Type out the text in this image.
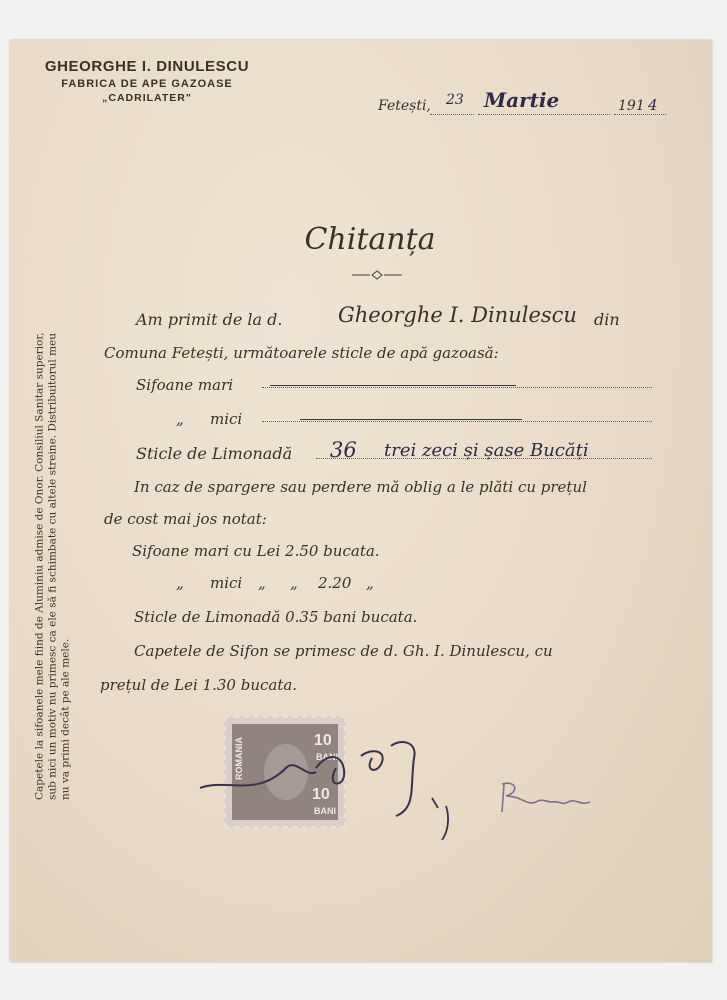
GHEORGHE I. DINULESCU
FABRICA DE APE GAZOASE
„CADRILATER"	Fetești, 23 Martie	191 4
Chitanța
Am primit de la d.	Gheorghe I. Dinulescu din
Comuna Fetești, următoarele sticle de apă gazoasă:
Sifoane mari
„ mici
Sticle de Limonadă 36 trei zeci și șase Bucăți
In caz de spargere sau perdere mă oblig a le plăti cu prețul
de cost mai jos notat:
Sifoane mari cu Lei 2.50 bucata.
„ mici „ „ 2.20 „
Sticle de Limonadă 0.35 bani bucata.
Capetele de Sifon se primesc de d. Gh. I. Dinulescu, cu
prețul de Lei 1.30 bucata.
Capetele la sifoanele mele fiind de Aluminiu admise de Onor. Consiliul Sanitar superior, sub nici un motiv nu primesc ca ele să fi schimbate cu altele streine. Distribuitorul meu nu va primi decât pe ale mele.	ROMANIA	10
BANI
10
BANI
